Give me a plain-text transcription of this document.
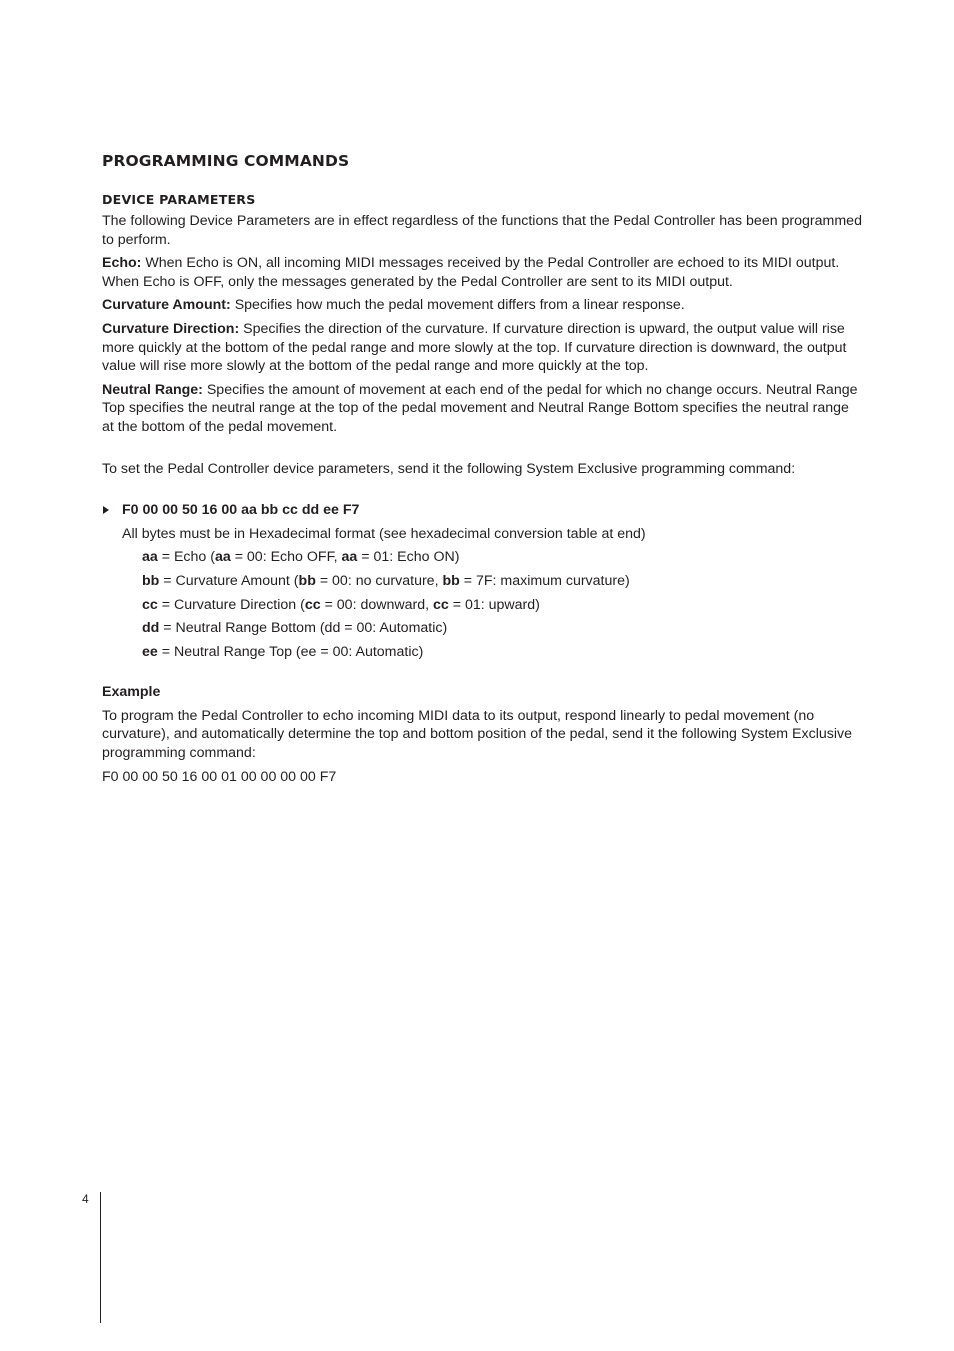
PROGRAMMING COMMANDS
DEVICE PARAMETERS

The following Device Parameters are in effect regardless of the functions that the Pedal Controller has been programmed to perform.

Echo: When Echo is ON, all incoming MIDI messages received by the Pedal Controller are echoed to its MIDI output. When Echo is OFF, only the messages generated by the Pedal Controller are sent to its MIDI output.

Curvature Amount: Specifies how much the pedal movement differs from a linear response.

Curvature Direction: Specifies the direction of the curvature. If curvature direction is upward, the output value will rise more quickly at the bottom of the pedal range and more slowly at the top. If curvature direction is downward, the output value will rise more slowly at the bottom of the pedal range and more quickly at the top.

Neutral Range: Specifies the amount of movement at each end of the pedal for which no change occurs. Neutral Range Top specifies the neutral range at the top of the pedal movement and Neutral Range Bottom specifies the neutral range at the bottom of the pedal movement.

To set the Pedal Controller device parameters, send it the following System Exclusive programming command:

F0 00 00 50 16 00 aa bb cc dd ee F7
All bytes must be in Hexadecimal format (see hexadecimal conversion table at end)
aa = Echo (aa = 00: Echo OFF, aa = 01: Echo ON)
bb = Curvature Amount (bb = 00: no curvature, bb = 7F: maximum curvature)
cc = Curvature Direction (cc = 00: downward, cc = 01: upward)
dd = Neutral Range Bottom (dd = 00: Automatic)
ee = Neutral Range Top (ee = 00: Automatic)
Example

To program the Pedal Controller to echo incoming MIDI data to its output, respond linearly to pedal movement (no curvature), and automatically determine the top and bottom position of the pedal, send it the following System Exclusive programming command:

F0 00 00 50 16 00 01 00 00 00 00 F7

4
